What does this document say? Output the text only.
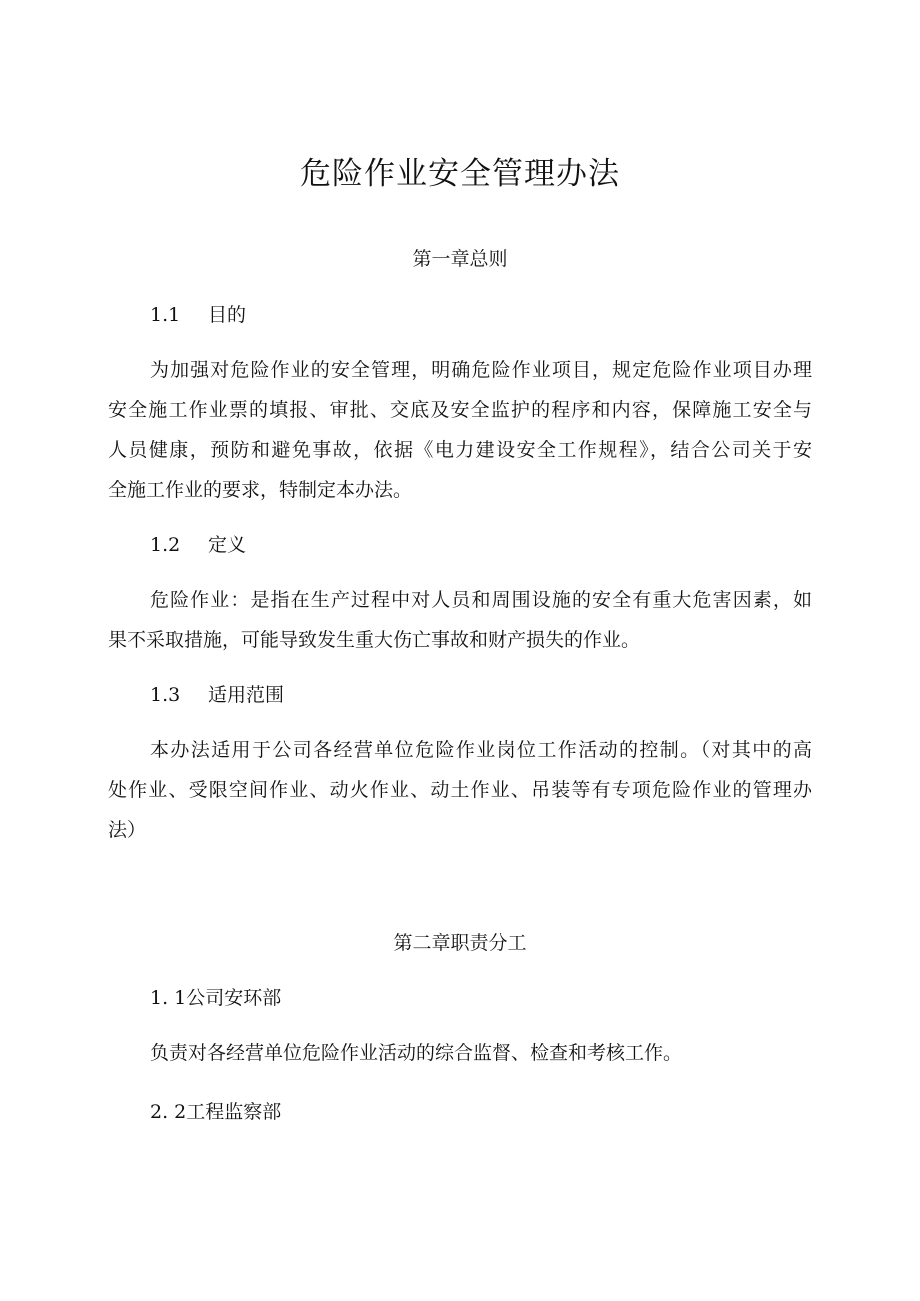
危险作业安全管理办法

第一章总则

1.1 目的

为加强对危险作业的安全管理，明确危险作业项目，规定危险作业项目办理
安全施工作业票的填报、审批、交底及安全监护的程序和内容，保障施工安全与
人员健康，预防和避免事故，依据《电力建设安全工作规程》，结合公司关于安
全施工作业的要求，特制定本办法。

1.2 定义

危险作业：是指在生产过程中对人员和周围设施的安全有重大危害因素，如
果不采取措施，可能导致发生重大伤亡事故和财产损失的作业。

1.3 适用范围

本办法适用于公司各经营单位危险作业岗位工作活动的控制。（对其中的高
处作业、受限空间作业、动火作业、动土作业、吊装等有专项危险作业的管理办
法）

第二章职责分工

1. 1公司安环部

负责对各经营单位危险作业活动的综合监督、检查和考核工作。

2. 2工程监察部
